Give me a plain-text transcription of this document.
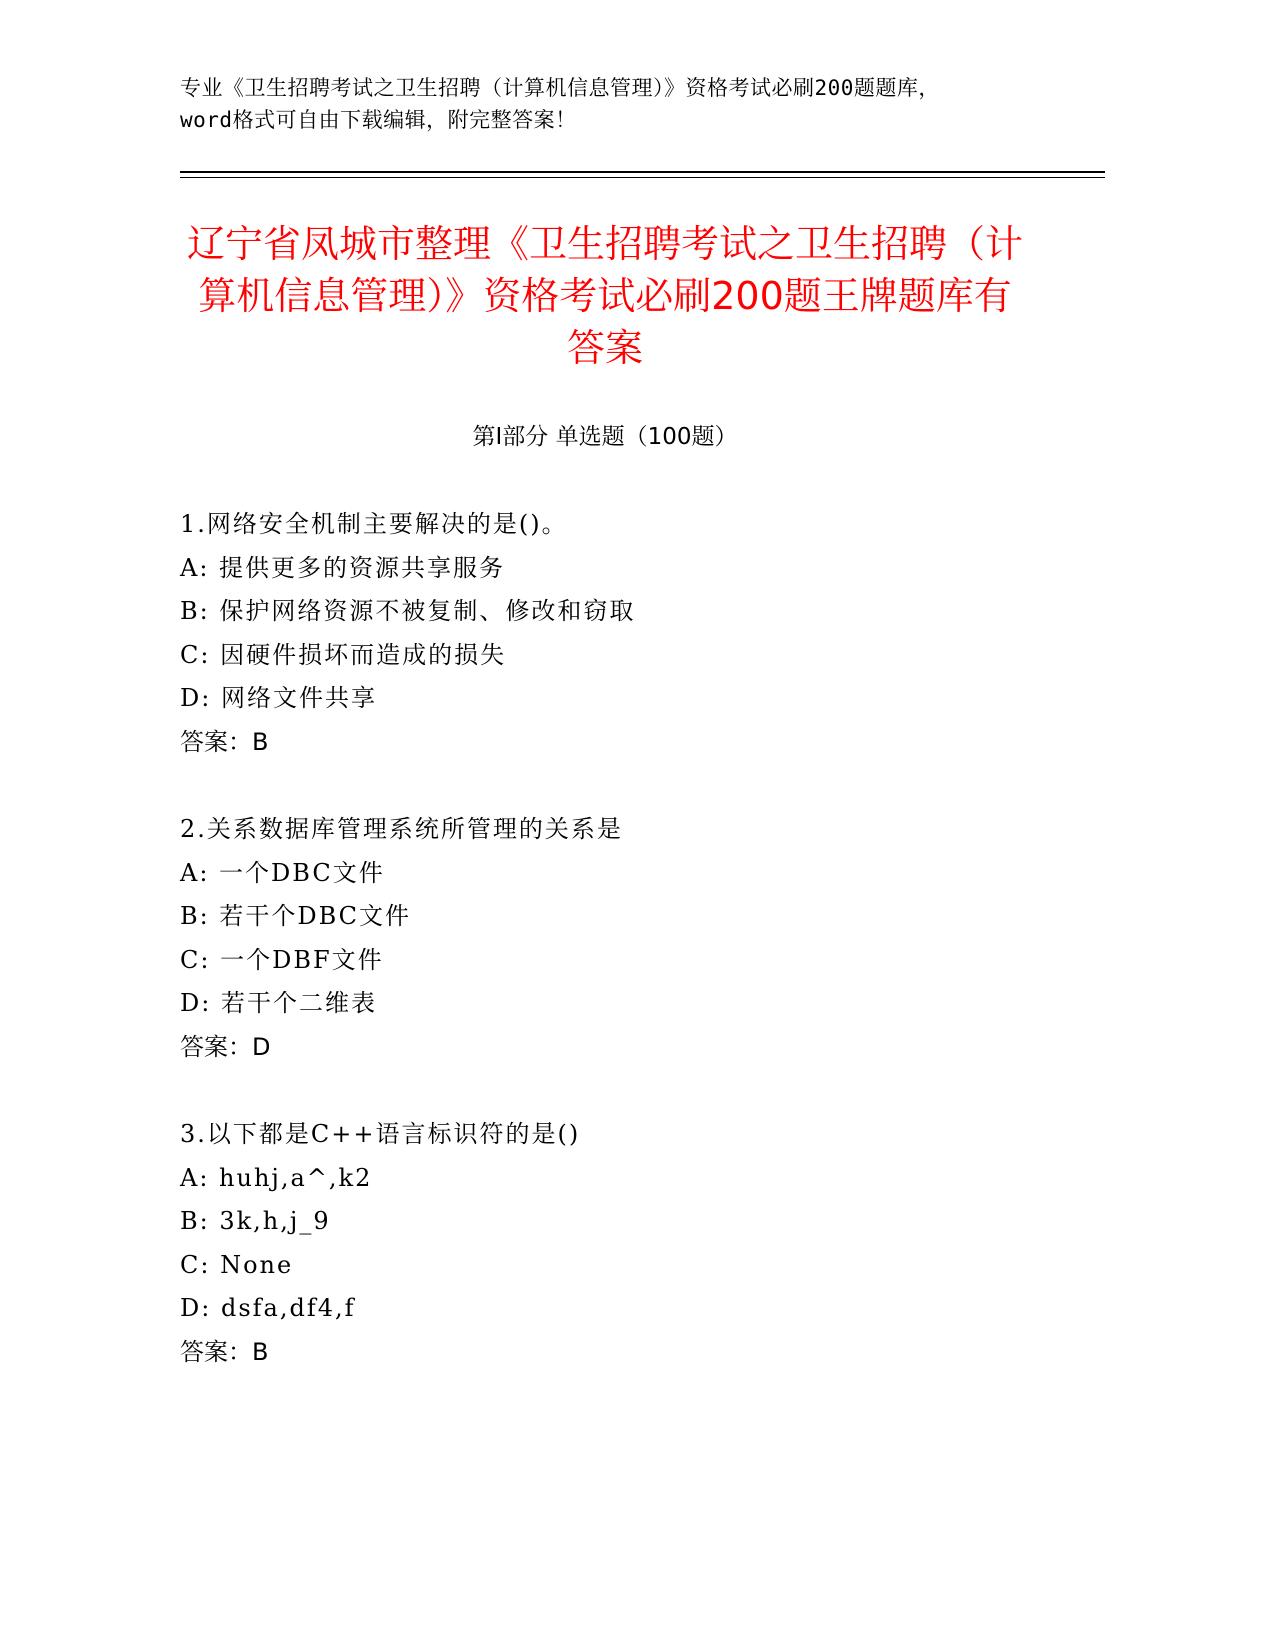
专业《卫生招聘考试之卫生招聘（计算机信息管理）》资格考试必刷200题题库，
word格式可自由下载编辑，附完整答案！
辽宁省凤城市整理《卫生招聘考试之卫生招聘（计算机信息管理）》资格考试必刷200题王牌题库有答案
第I部分 单选题（100题）
1.网络安全机制主要解决的是()。
A: 提供更多的资源共享服务
B: 保护网络资源不被复制、修改和窃取
C: 因硬件损坏而造成的损失
D: 网络文件共享
答案：B
2.关系数据库管理系统所管理的关系是
A: 一个DBC文件
B: 若干个DBC文件
C: 一个DBF文件
D: 若干个二维表
答案：D
3.以下都是C++语言标识符的是()
A: huhj,a^,k2
B: 3k,h,j_9
C: None
D: dsfa,df4,f
答案：B
